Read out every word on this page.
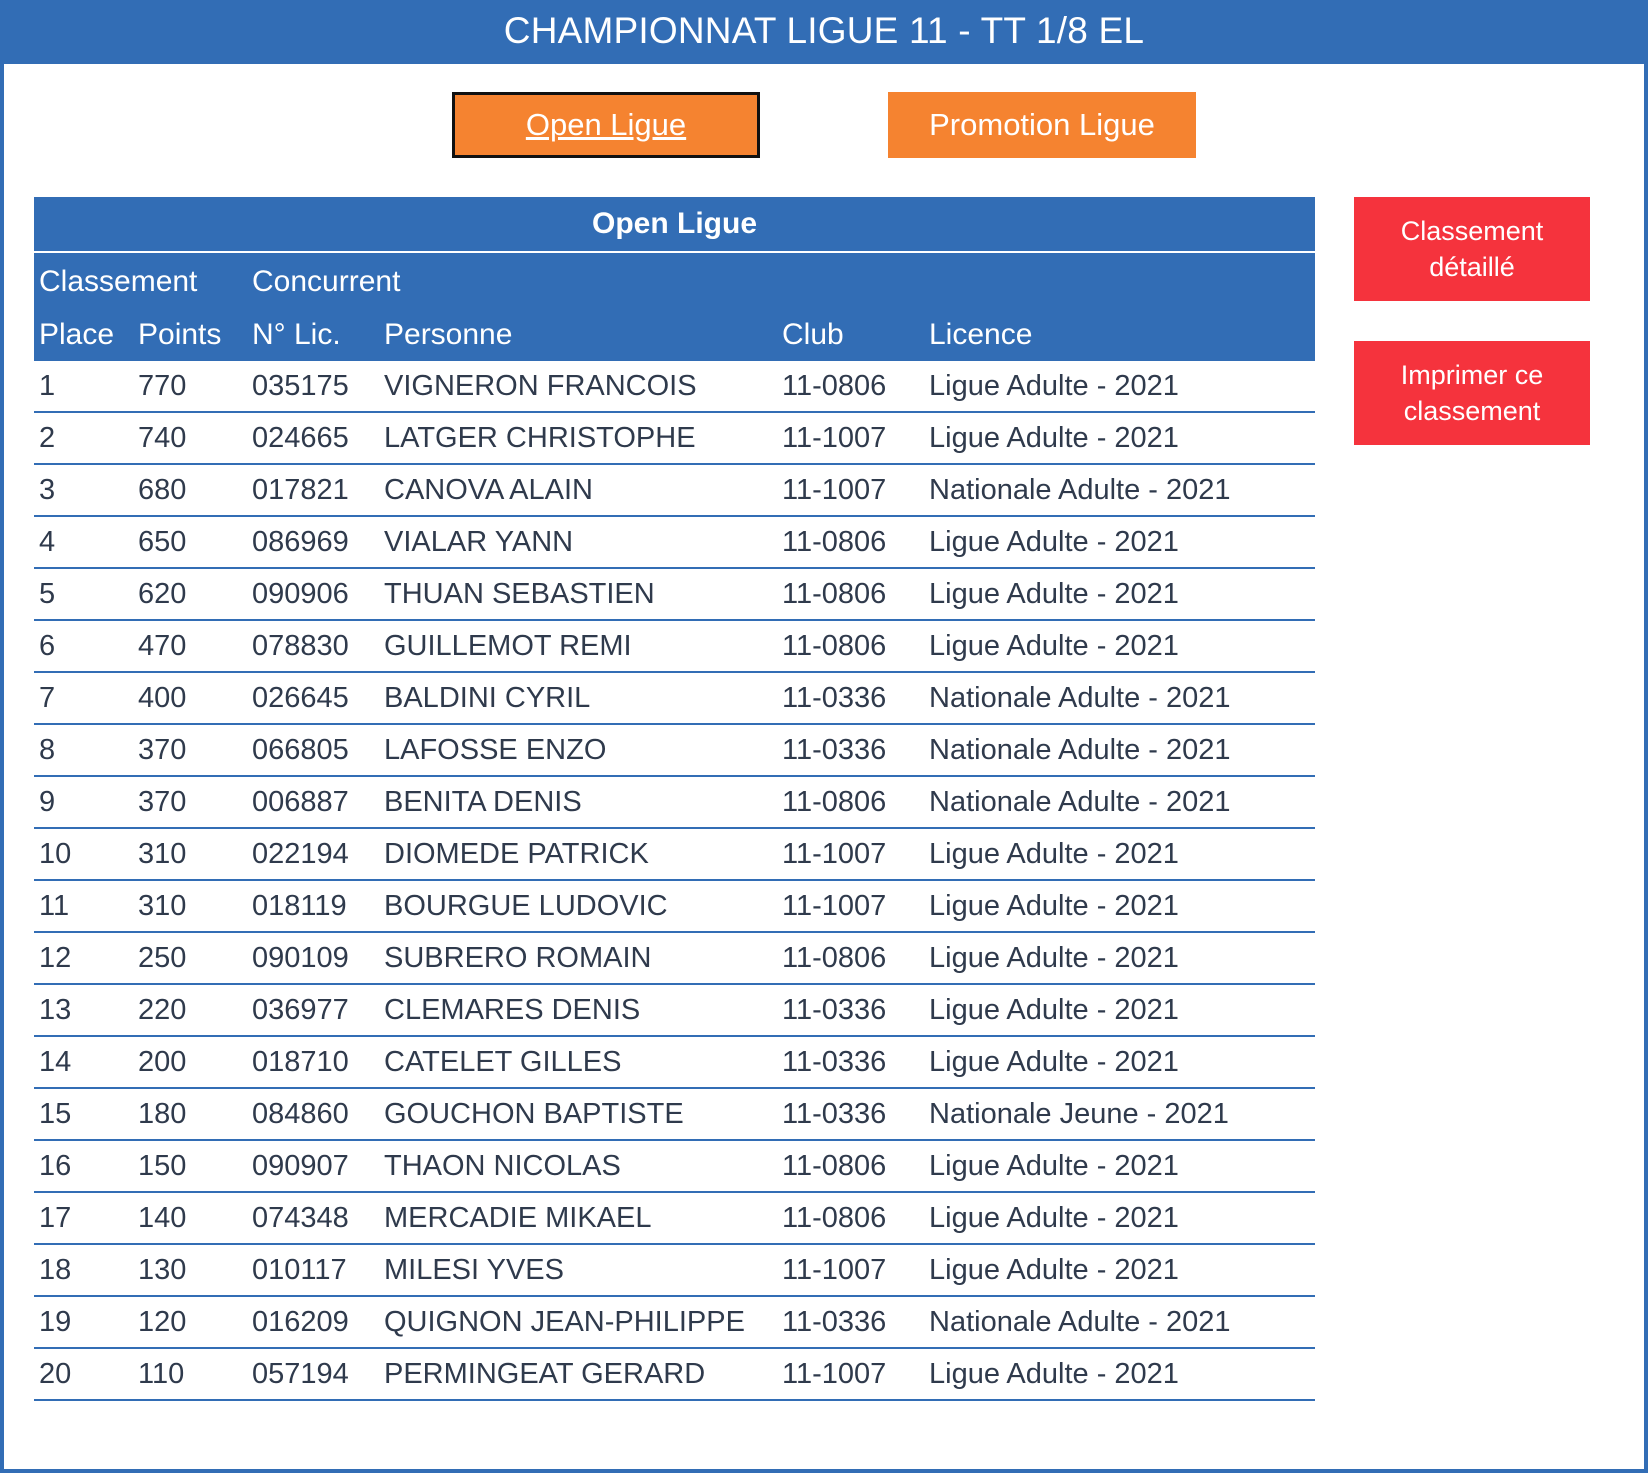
CHAMPIONNAT LIGUE 11 - TT 1/8 EL
Open Ligue	Promotion Ligue
Open Ligue
Classement Concurrent
Place Points N° Lic. Personne	Club	Licence
1	770 035175 VIGNERON FRANCOIS	11-0806 Ligue Adulte - 2021
2	740 024665 LATGER CHRISTOPHE	11-1007 Ligue Adulte - 2021
3	680 017821 CANOVA ALAIN	11-1007 Nationale Adulte - 2021
4	650 086969 VIALAR YANN	11-0806 Ligue Adulte - 2021
5	620 090906 THUAN SEBASTIEN	11-0806 Ligue Adulte - 2021
6	470 078830 GUILLEMOT REMI	11-0806 Ligue Adulte - 2021
7	400 026645 BALDINI CYRIL	11-0336 Nationale Adulte - 2021
8	370 066805 LAFOSSE ENZO	11-0336 Nationale Adulte - 2021
9	370 006887 BENITA DENIS	11-0806 Nationale Adulte - 2021
10 310 022194 DIOMEDE PATRICK	11-1007 Ligue Adulte - 2021
11 310 018119 BOURGUE LUDOVIC	11-1007 Ligue Adulte - 2021
12 250 090109 SUBRERO ROMAIN	11-0806 Ligue Adulte - 2021
13 220 036977 CLEMARES DENIS	11-0336 Ligue Adulte - 2021
14 200 018710 CATELET GILLES	11-0336 Ligue Adulte - 2021
15 180 084860 GOUCHON BAPTISTE	11-0336 Nationale Jeune - 2021
16 150 090907 THAON NICOLAS	11-0806 Ligue Adulte - 2021
17 140 074348 MERCADIE MIKAEL	11-0806 Ligue Adulte - 2021
18 130 010117 MILESI YVES	11-1007 Ligue Adulte - 2021
19 120 016209 QUIGNON JEAN-PHILIPPE 11-0336 Nationale Adulte - 2021
20 110 057194 PERMINGEAT GERARD	11-1007 Ligue Adulte - 2021
Classement détaillé
Imprimer ce classement
